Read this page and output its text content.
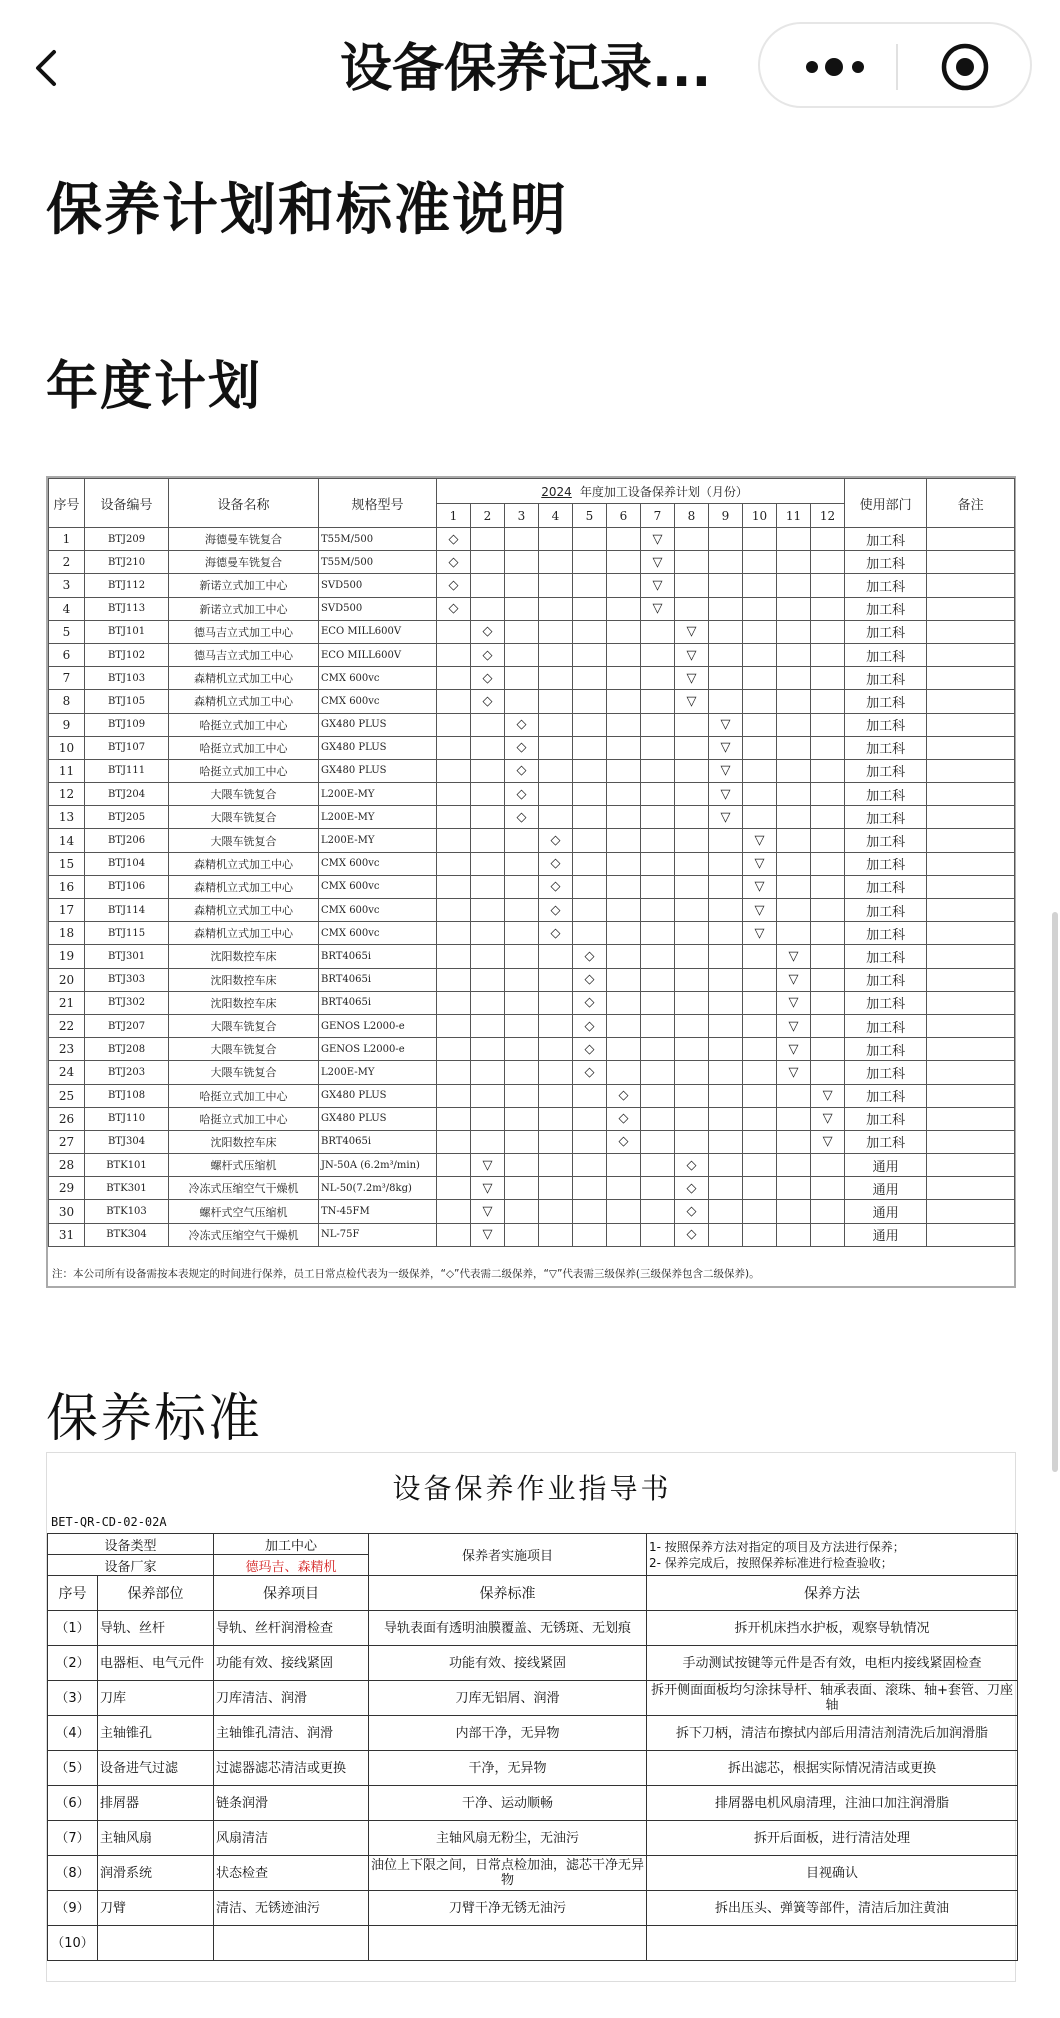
设备保养记录...
保养计划和标准说明
年度计划
序号	设备编号	设备名称	规格型号	2024 年度加工设备保养计划（月份）												使用部门	备注
				1	2	3	4	5	6	7	8	9	10	11	12		
1	BTJ209	海德曼车铣复合	T55M/500	◇						▽						加工科	
2	BTJ210	海德曼车铣复合	T55M/500	◇						▽						加工科	
3	BTJ112	新诺立式加工中心	SVD500	◇						▽						加工科	
4	BTJ113	新诺立式加工中心	SVD500	◇						▽						加工科	
5	BTJ101	德马吉立式加工中心	ECO MILL600V		◇						▽					加工科	
6	BTJ102	德马吉立式加工中心	ECO MILL600V		◇						▽					加工科	
7	BTJ103	森精机立式加工中心	CMX 600vc		◇						▽					加工科	
8	BTJ105	森精机立式加工中心	CMX 600vc		◇						▽					加工科	
9	BTJ109	哈挺立式加工中心	GX480 PLUS			◇						▽				加工科	
10	BTJ107	哈挺立式加工中心	GX480 PLUS			◇						▽				加工科	
11	BTJ111	哈挺立式加工中心	GX480 PLUS			◇						▽				加工科	
12	BTJ204	大隈车铣复合	L200E-MY			◇						▽				加工科	
13	BTJ205	大隈车铣复合	L200E-MY			◇						▽				加工科	
14	BTJ206	大隈车铣复合	L200E-MY				◇						▽			加工科	
15	BTJ104	森精机立式加工中心	CMX 600vc				◇						▽			加工科	
16	BTJ106	森精机立式加工中心	CMX 600vc				◇						▽			加工科	
17	BTJ114	森精机立式加工中心	CMX 600vc				◇						▽			加工科	
18	BTJ115	森精机立式加工中心	CMX 600vc				◇						▽			加工科	
19	BTJ301	沈阳数控车床	BRT4065i					◇						▽		加工科	
20	BTJ303	沈阳数控车床	BRT4065i					◇						▽		加工科	
21	BTJ302	沈阳数控车床	BRT4065i					◇						▽		加工科	
22	BTJ207	大隈车铣复合	GENOS L2000-e					◇						▽		加工科	
23	BTJ208	大隈车铣复合	GENOS L2000-e					◇						▽		加工科	
24	BTJ203	大隈车铣复合	L200E-MY					◇						▽		加工科	
25	BTJ108	哈挺立式加工中心	GX480 PLUS						◇						▽	加工科	
26	BTJ110	哈挺立式加工中心	GX480 PLUS						◇						▽	加工科	
27	BTJ304	沈阳数控车床	BRT4065i						◇						▽	加工科	
28	BTK101	螺杆式压缩机	JN-50A (6.2m³/min)		▽						◇					通用	
29	BTK301	冷冻式压缩空气干燥机	NL-50(7.2m³/8kg)		▽						◇					通用	
30	BTK103	螺杆式空气压缩机	TN-45FM		▽						◇					通用	
31	BTK304	冷冻式压缩空气干燥机	NL-75F		▽						◇					通用	
注：本公司所有设备需按本表规定的时间进行保养，员工日常点检代表为一级保养，“◇”代表需二级保养，“▽”代表需三级保养(三级保养包含二级保养)。
保养标准
设备保养作业指导书
BET-QR-CD-02-02A
设备类型		加工中心	保养者实施项目	1- 按照保养方法对指定的项目及方法进行保养；
2- 保养完成后，按照保养标准进行检查验收；

设备厂家		德玛吉、森精机		
序号	保养部位	保养项目	保养标准	保养方法
（1）	导轨、丝杆	导轨、丝杆润滑检查	导轨表面有透明油膜覆盖、无锈斑、无划痕	拆开机床挡水护板，观察导轨情况
（2）	电器柜、电气元件	功能有效、接线紧固	功能有效、接线紧固	手动测试按键等元件是否有效，电柜内接线紧固检查
（3）	刀库	刀库清洁、润滑	刀库无铝屑、润滑	拆开侧面面板均匀涂抹导杆、轴承表面、滚珠、轴+套管、刀座轴
（4）	主轴锥孔	主轴锥孔清洁、润滑	内部干净，无异物	拆下刀柄，清洁布擦拭内部后用清洁剂清洗后加润滑脂
（5）	设备进气过滤	过滤器滤芯清洁或更换	干净，无异物	拆出滤芯，根据实际情况清洁或更换
（6）	排屑器	链条润滑	干净、运动顺畅	排屑器电机风扇清理，注油口加注润滑脂
（7）	主轴风扇	风扇清洁	主轴风扇无粉尘，无油污	拆开后面板，进行清洁处理
（8）	润滑系统	状态检查	油位上下限之间，日常点检加油，滤芯干净无异物	目视确认
（9）	刀臂	清洁、无锈迹油污	刀臂干净无锈无油污	拆出压头、弹簧等部件，清洁后加注黄油
（10）				
